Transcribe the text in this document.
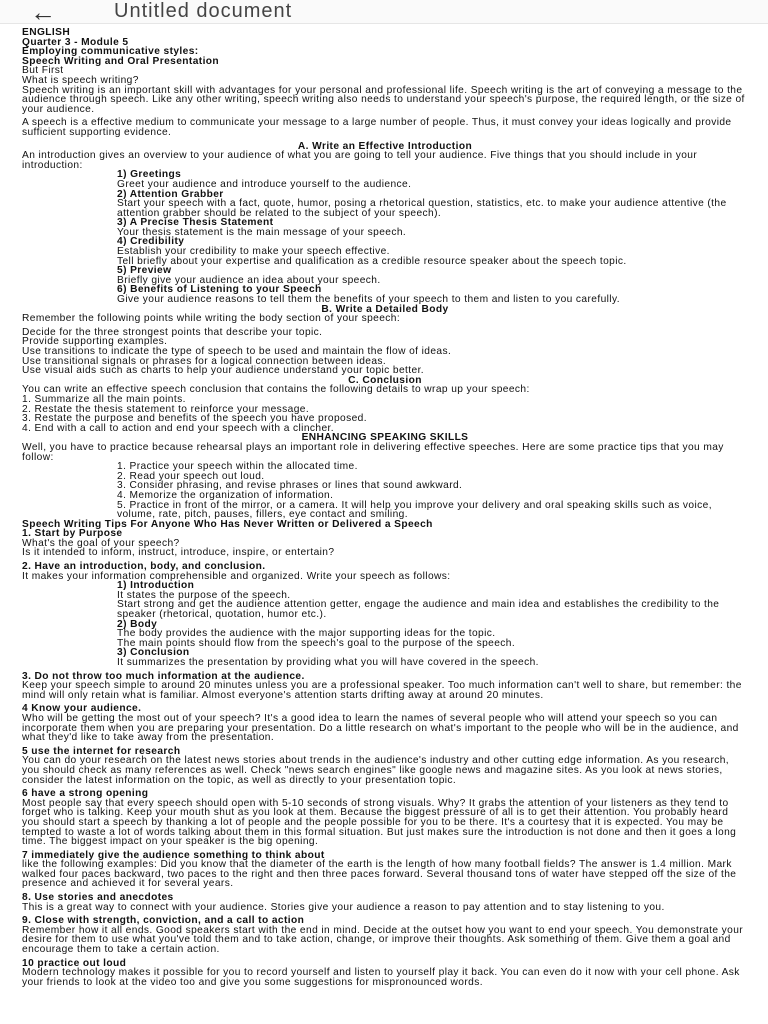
←	Untitled document

ENGLISH

Quarter 3 - Module 5

Employing communicative styles:

Speech Writing and Oral Presentation

But First

What is speech writing?

Speech writing is an important skill with advantages for your personal and professional life. Speech writing is the art of conveying a message to the audience through speech. Like any other writing, speech writing also needs to understand your speech's purpose, the required length, or the size of your audience.

A speech is a effective medium to communicate your message to a large number of people. Thus, it must convey your ideas logically and provide sufficient supporting evidence.

A. Write an Effective Introduction

An introduction gives an overview to your audience of what you are going to tell your audience. Five things that you should include in your introduction:

1) Greetings

Greet your audience and introduce yourself to the audience.

2) Attention Grabber

Start your speech with a fact, quote, humor, posing a rhetorical question, statistics, etc. to make your audience attentive (the attention grabber should be related to the subject of your speech).

3) A Precise Thesis Statement

Your thesis statement is the main message of your speech.

4) Credibility

Establish your credibility to make your speech effective.

Tell briefly about your expertise and qualification as a credible resource speaker about the speech topic.

5) Preview

Briefly give your audience an idea about your speech.

6) Benefits of Listening to your Speech

Give your audience reasons to tell them the benefits of your speech to them and listen to you carefully.

B. Write a Detailed Body

Remember the following points while writing the body section of your speech:

Decide for the three strongest points that describe your topic.

Provide supporting examples.

Use transitions to indicate the type of speech to be used and maintain the flow of ideas.

Use transitional signals or phrases for a logical connection between ideas.

Use visual aids such as charts to help your audience understand your topic better.

C. Conclusion

You can write an effective speech conclusion that contains the following details to wrap up your speech:

1. Summarize all the main points.

2. Restate the thesis statement to reinforce your message.

3. Restate the purpose and benefits of the speech you have proposed.

4. End with a call to action and end your speech with a clincher.

ENHANCING SPEAKING SKILLS

Well, you have to practice because rehearsal plays an important role in delivering effective speeches. Here are some practice tips that you may follow:

1. Practice your speech within the allocated time.

2. Read your speech out loud.

3. Consider phrasing, and revise phrases or lines that sound awkward.

4. Memorize the organization of information.

5. Practice in front of the mirror, or a camera. It will help you improve your delivery and oral speaking skills such as voice, volume, rate, pitch, pauses, fillers, eye contact and smiling.

Speech Writing Tips For Anyone Who Has Never Written or Delivered a Speech

1. Start by Purpose

What's the goal of your speech?

Is it intended to inform, instruct, introduce, inspire, or entertain?

2. Have an introduction, body, and conclusion.

It makes your information comprehensible and organized. Write your speech as follows:

1) Introduction

It states the purpose of the speech.

Start strong and get the audience attention getter, engage the audience and main idea and establishes the credibility to the speaker (rhetorical, quotation, humor etc.).

2) Body

The body provides the audience with the major supporting ideas for the topic.

The main points should flow from the speech's goal to the purpose of the speech.

3) Conclusion

It summarizes the presentation by providing what you will have covered in the speech.

3. Do not throw too much information at the audience.

Keep your speech simple to around 20 minutes unless you are a professional speaker. Too much information can't well to share, but remember: the mind will only retain what is familiar. Almost everyone's attention starts drifting away at around 20 minutes.

4 Know your audience.

Who will be getting the most out of your speech? It's a good idea to learn the names of several people who will attend your speech so you can incorporate them when you are preparing your presentation. Do a little research on what's important to the people who will be in the audience, and what they'd like to take away from the presentation.

5 use the internet for research

You can do your research on the latest news stories about trends in the audience's industry and other cutting edge information. As you research, you should check as many references as well. Check "news search engines" like google news and magazine sites. As you look at news stories, consider the latest information on the topic, as well as directly to your presentation topic.

6 have a strong opening

Most people say that every speech should open with 5-10 seconds of strong visuals. Why? It grabs the attention of your listeners as they tend to forget who is talking. Keep your mouth shut as you look at them. Because the biggest pressure of all is to get their attention. You probably heard you should start a speech by thanking a lot of people and the people possible for you to be there. It's a courtesy that it is expected. You may be tempted to waste a lot of words talking about them in this formal situation. But just makes sure the introduction is not done and then it goes a long time. The biggest impact on your speaker is the big opening.

7 immediately give the audience something to think about

like the following examples: Did you know that the diameter of the earth is the length of how many football fields? The answer is 1.4 million. Mark walked four paces backward, two paces to the right and then three paces forward. Several thousand tons of water have stepped off the size of the presence and achieved it for several years.

8. Use stories and anecdotes

This is a great way to connect with your audience. Stories give your audience a reason to pay attention and to stay listening to you.

9. Close with strength, conviction, and a call to action

Remember how it all ends. Good speakers start with the end in mind. Decide at the outset how you want to end your speech. You demonstrate your desire for them to use what you've told them and to take action, change, or improve their thoughts. Ask something of them. Give them a goal and encourage them to take a certain action.

10 practice out loud

Modern technology makes it possible for you to record yourself and listen to yourself play it back. You can even do it now with your cell phone. Ask your friends to look at the video too and give you some suggestions for mispronounced words.
